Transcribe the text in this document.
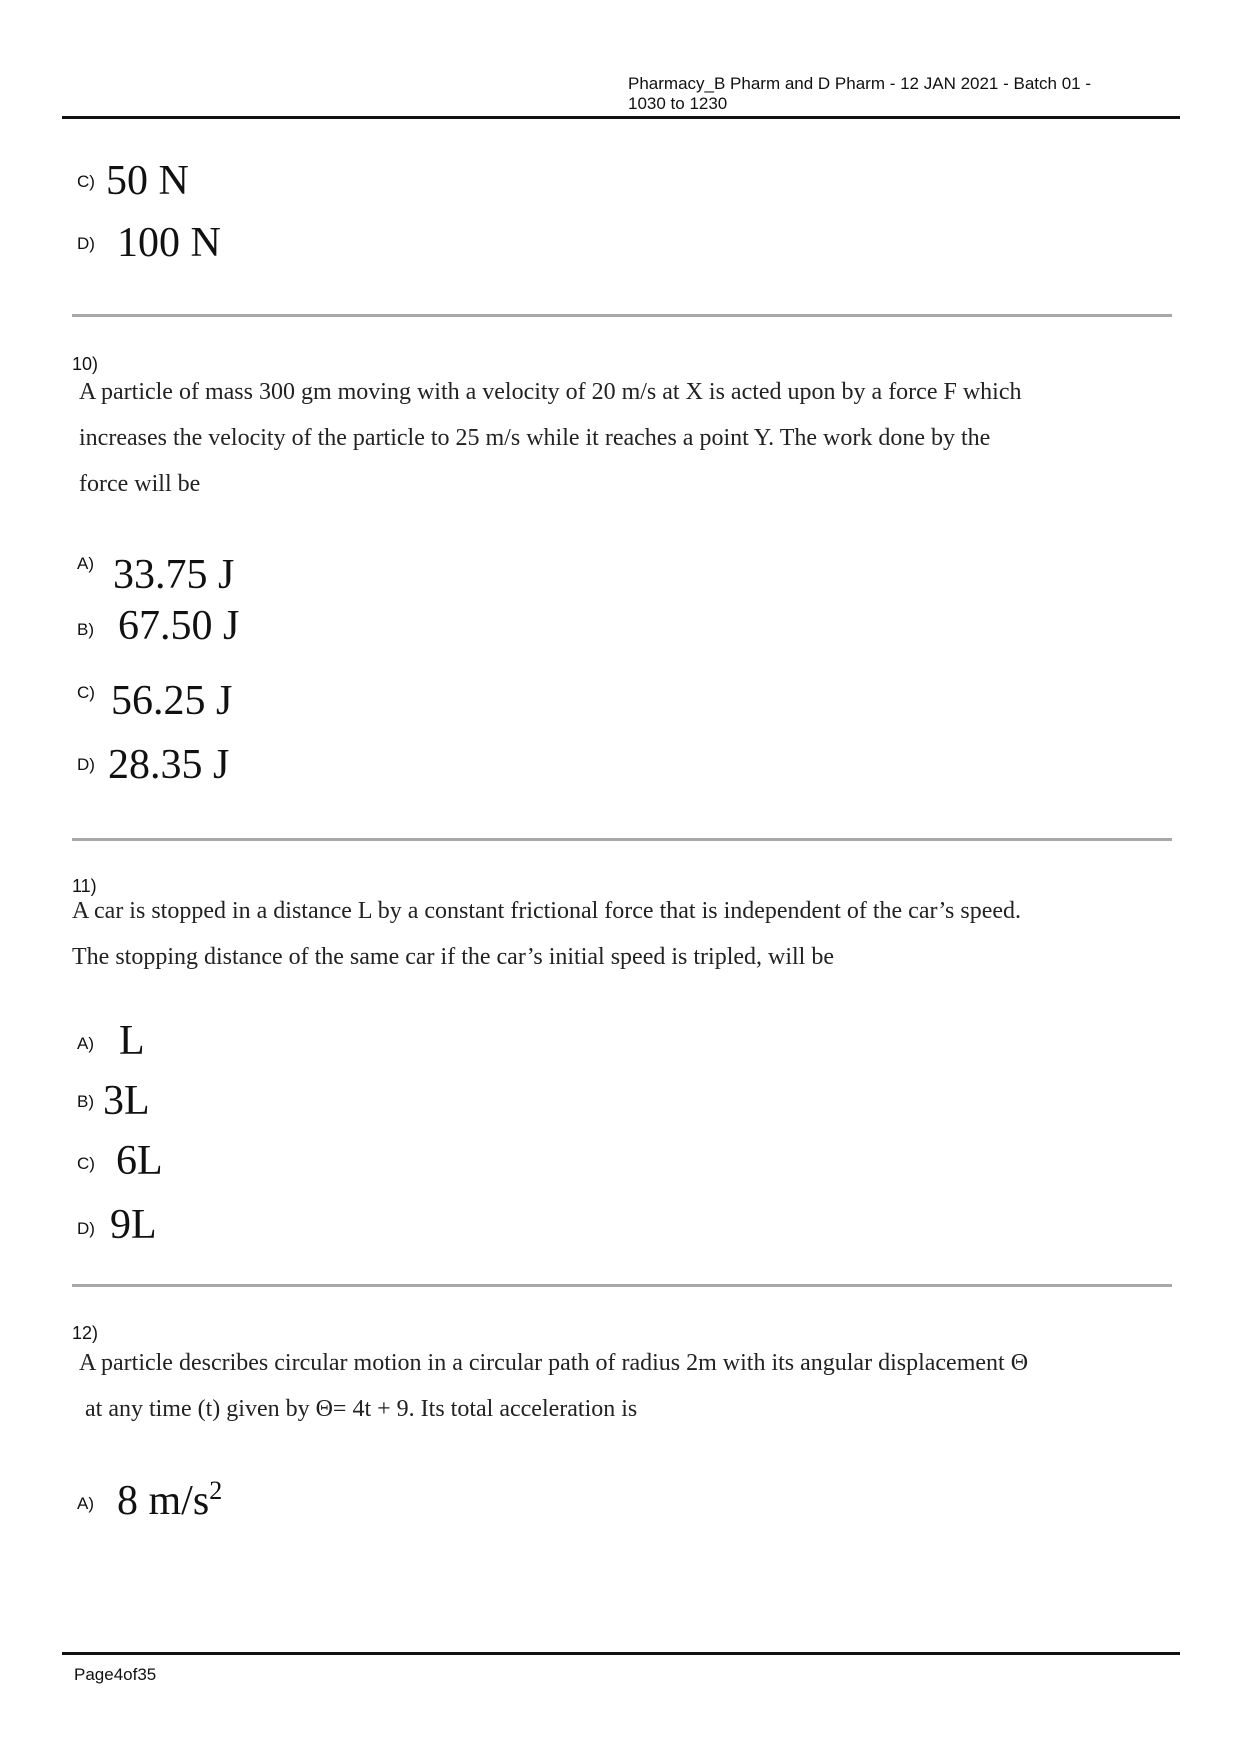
Pharmacy_B Pharm and D Pharm - 12 JAN 2021 - Batch 01 -
1030 to 1230
C) 50 N
D) 100 N
10)
A particle of mass 300 gm moving with a velocity of 20 m/s at X is acted upon by a force F which
increases the velocity of the particle to 25 m/s while it reaches a point Y. The work done by the
force will be
A) 33.75 J
B) 67.50 J
C) 56.25 J
D) 28.35 J
11)
A car is stopped in a distance L by a constant frictional force that is independent of the car’s speed.
The stopping distance of the same car if the car’s initial speed is tripled, will be
A) L
B) 3L
C) 6L
D) 9L
12)
A particle describes circular motion in a circular path of radius 2m with its angular displacement Θ
at any time (t) given by Θ= 4t + 9. Its total acceleration is
A) 8 $m/s^2$
Page4of35
